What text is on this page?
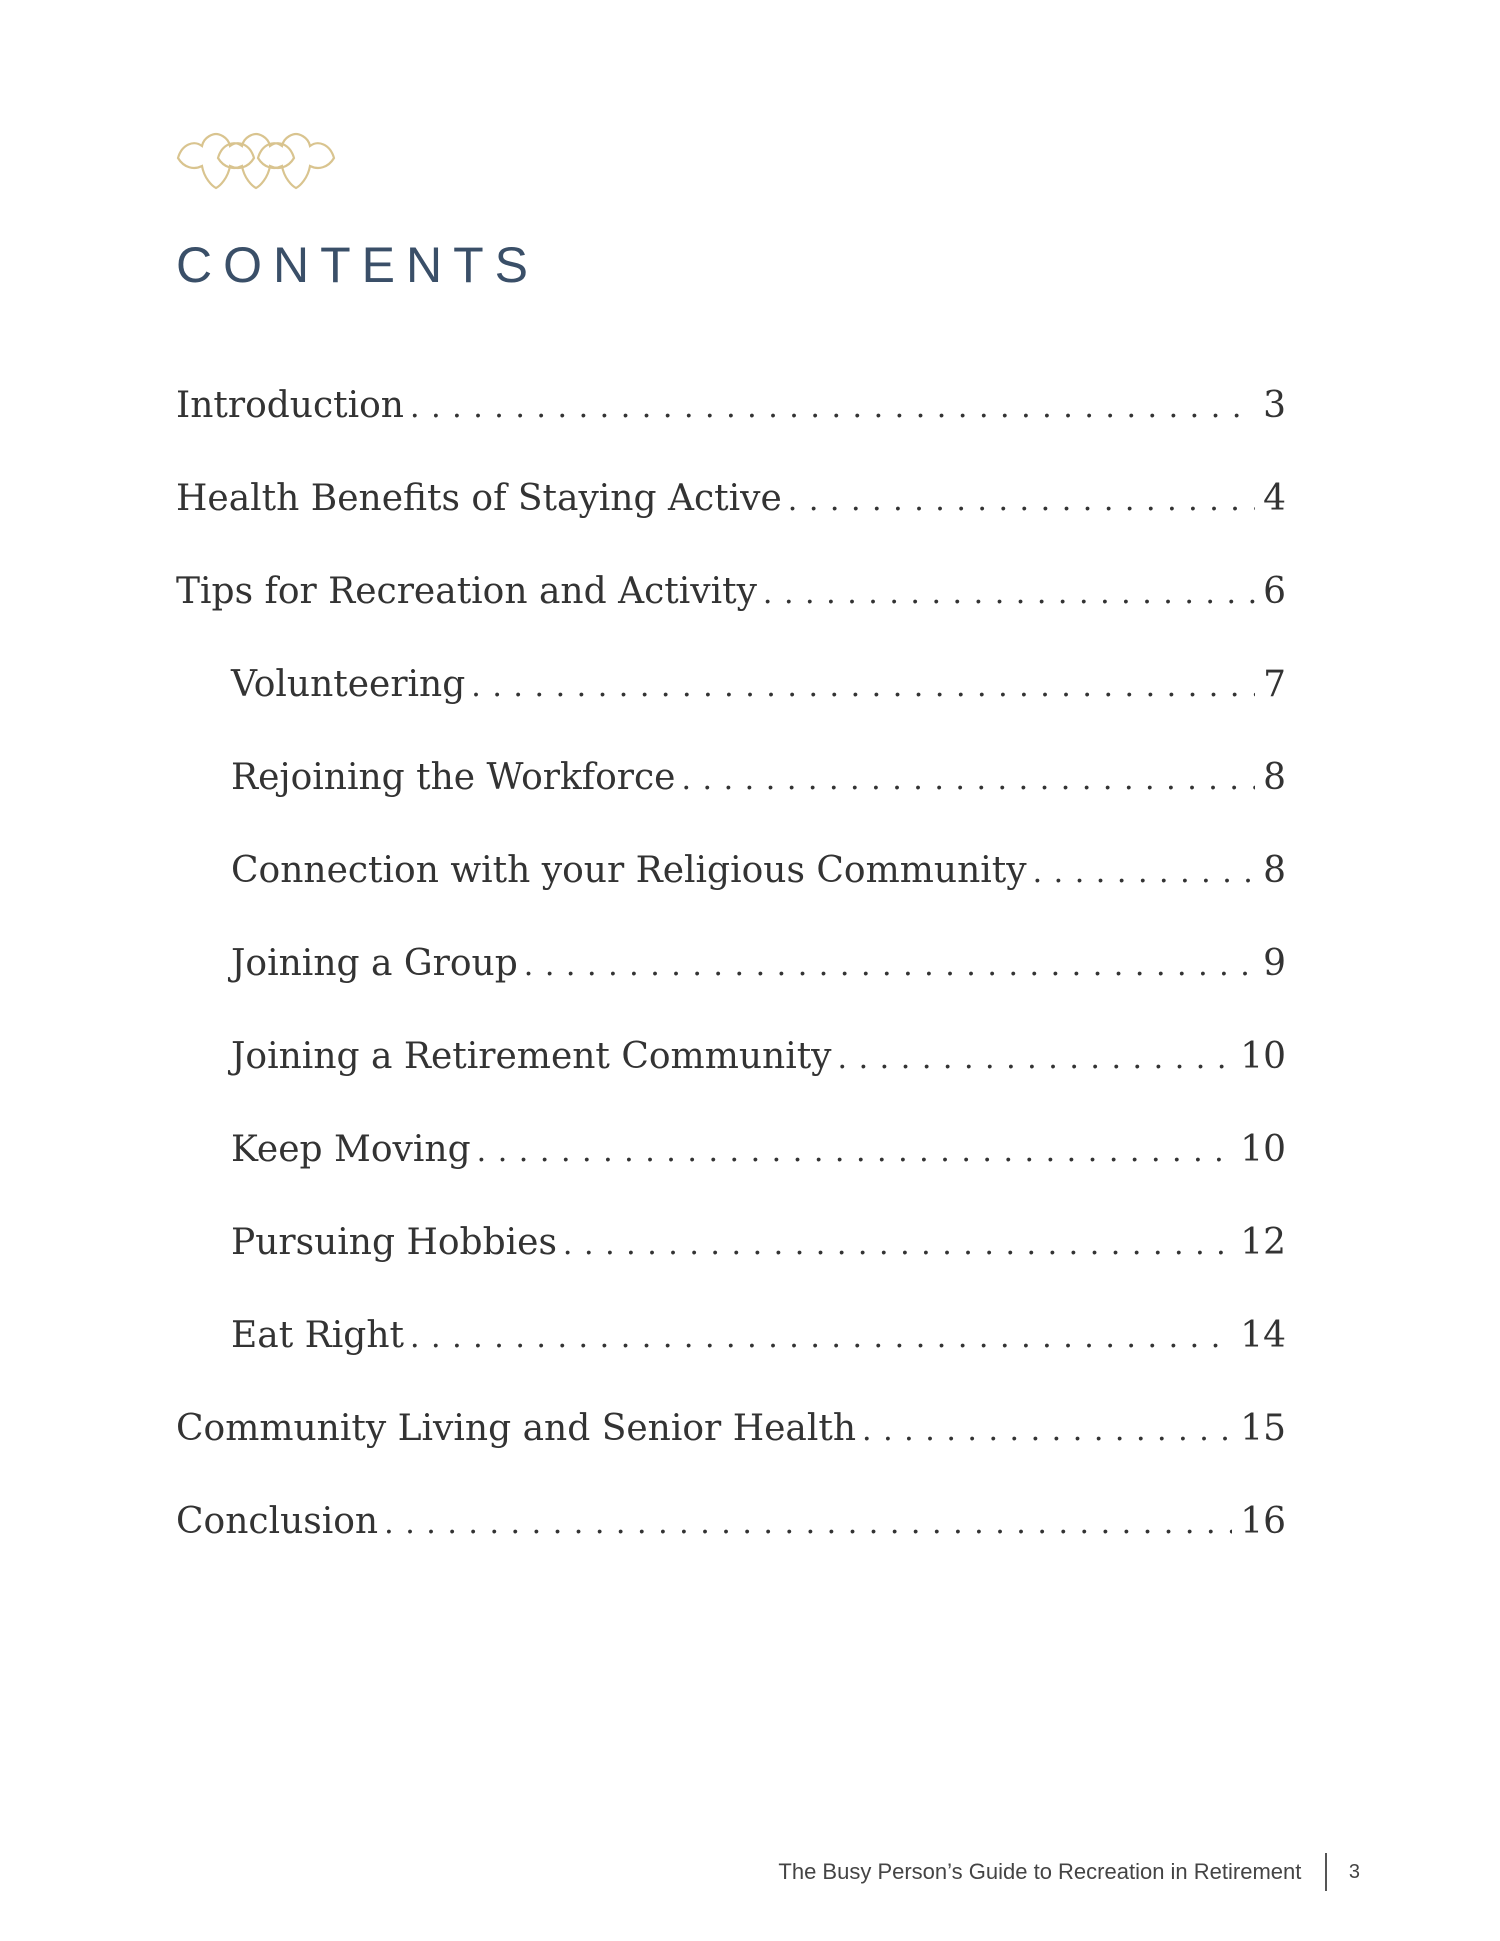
CONTENTS
Introduction . . .	3
Health Benefits of Staying Active . . .	4
Tips for Recreation and Activity . . .	6
Volunteering . . .	7
Rejoining the Workforce . . .	8
Connection with your Religious Community . . .	8
Joining a Group . . .	9
Joining a Retirement Community . . .	10
Keep Moving . . .	10
Pursuing Hobbies . . .	12
Eat Right . . .	14
Community Living and Senior Health . . .	15
Conclusion . . .	16
The Busy Person’s Guide to Recreation in Retirement 3
